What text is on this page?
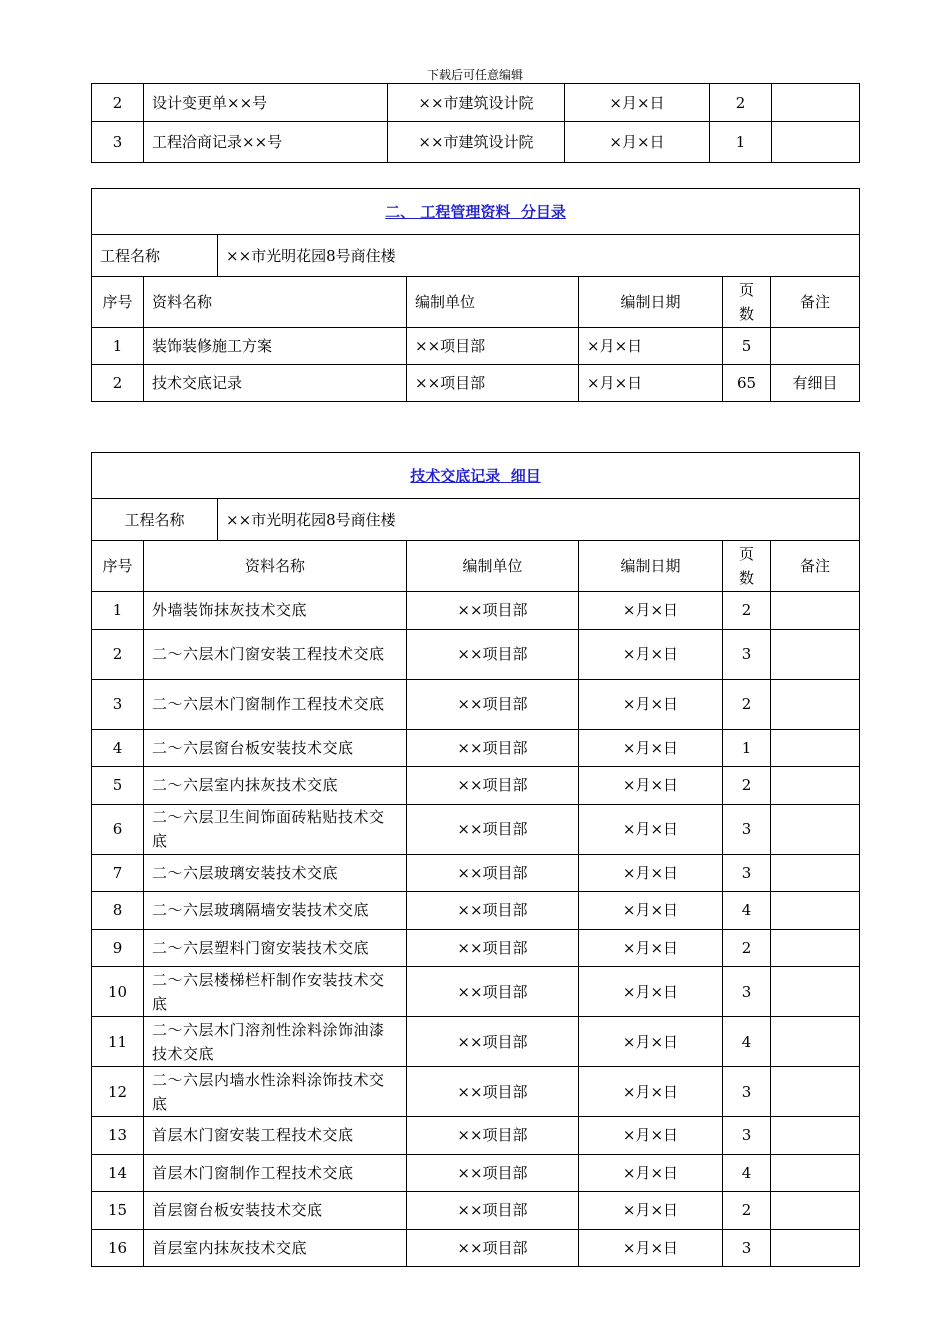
下载后可任意编辑
2	设计变更单××号	××市建筑设计院	×月×日	2	
3	工程洽商记录××号	××市建筑设计院	×月×日	1	
二、 工程管理资料 分目录						
工程名称		××市光明花园8号商住楼				
序号	资料名称		编制单位	编制日期	页数	备注
1	装饰装修施工方案		××项目部	×月×日	5	
2	技术交底记录		××项目部	×月×日	65	有细目
技术交底记录 细目						
工程名称		××市光明花园8号商住楼				
序号	资料名称		编制单位	编制日期	页数	备注
1	外墙装饰抹灰技术交底		××项目部	×月×日	2	
2	二～六层木门窗安装工程技术交底		××项目部	×月×日	3	
3	二～六层木门窗制作工程技术交底		××项目部	×月×日	2	
4	二～六层窗台板安装技术交底		××项目部	×月×日	1	
5	二～六层室内抹灰技术交底		××项目部	×月×日	2	
6	二～六层卫生间饰面砖粘贴技术交底		××项目部	×月×日	3	
7	二～六层玻璃安装技术交底		××项目部	×月×日	3	
8	二～六层玻璃隔墙安装技术交底		××项目部	×月×日	4	
9	二～六层塑料门窗安装技术交底		××项目部	×月×日	2	
10	二～六层楼梯栏杆制作安装技术交底		××项目部	×月×日	3	
11	二～六层木门溶剂性涂料涂饰油漆技术交底		××项目部	×月×日	4	
12	二～六层内墙水性涂料涂饰技术交底		××项目部	×月×日	3	
13	首层木门窗安装工程技术交底		××项目部	×月×日	3	
14	首层木门窗制作工程技术交底		××项目部	×月×日	4	
15	首层窗台板安装技术交底		××项目部	×月×日	2	
16	首层室内抹灰技术交底		××项目部	×月×日	3	
